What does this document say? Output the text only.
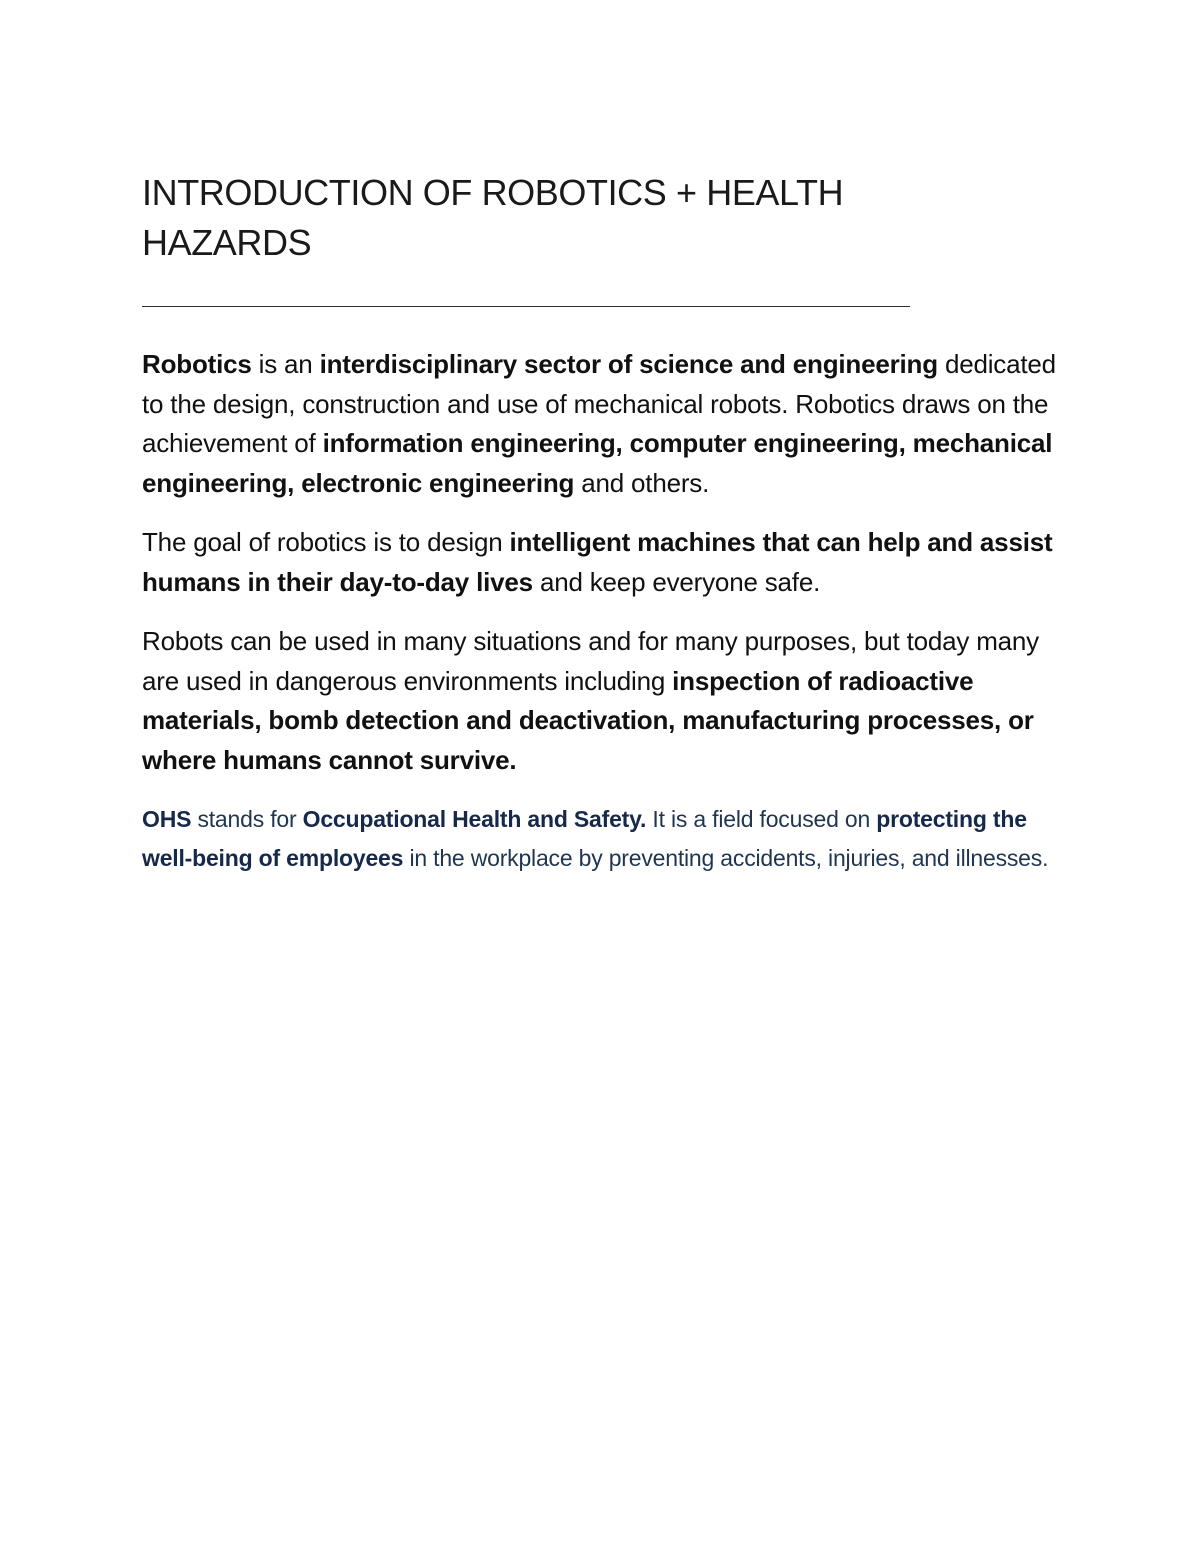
INTRODUCTION OF ROBOTICS + HEALTH HAZARDS

Robotics is an interdisciplinary sector of science and engineering dedicated to the design, construction and use of mechanical robots. Robotics draws on the achievement of information engineering, computer engineering, mechanical engineering, electronic engineering and others.

The goal of robotics is to design intelligent machines that can help and assist humans in their day-to-day lives and keep everyone safe.

Robots can be used in many situations and for many purposes, but today many are used in dangerous environments including inspection of radioactive materials, bomb detection and deactivation, manufacturing processes, or where humans cannot survive.

OHS stands for Occupational Health and Safety. It is a field focused on protecting the well-being of employees in the workplace by preventing accidents, injuries, and illnesses.
